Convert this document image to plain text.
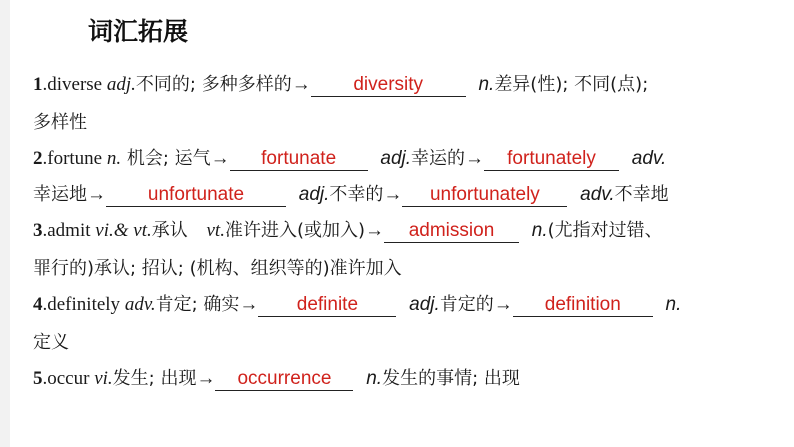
词汇拓展
1.diverse adj.不同的; 多种多样的→ diversity	n.差异(性); 不同(点);
多样性
2.fortune n. 机会; 运气→ fortunate adj.幸运的→ fortunately adv.
幸运地→ unfortunate	adj.不幸的→ unfortunately adv.不幸地
3.admit vi.& vt.承认 vt.准许进入(或加入)→ admission n.(尤指对过错、
罪行的)承认; 招认; (机构、组织等的)准许加入
4.definitely adv.肯定; 确实→ definite	adj.肯定的→ definition n.
定义
5.occur vi.发生; 出现→ occurrence n.发生的事情; 出现
